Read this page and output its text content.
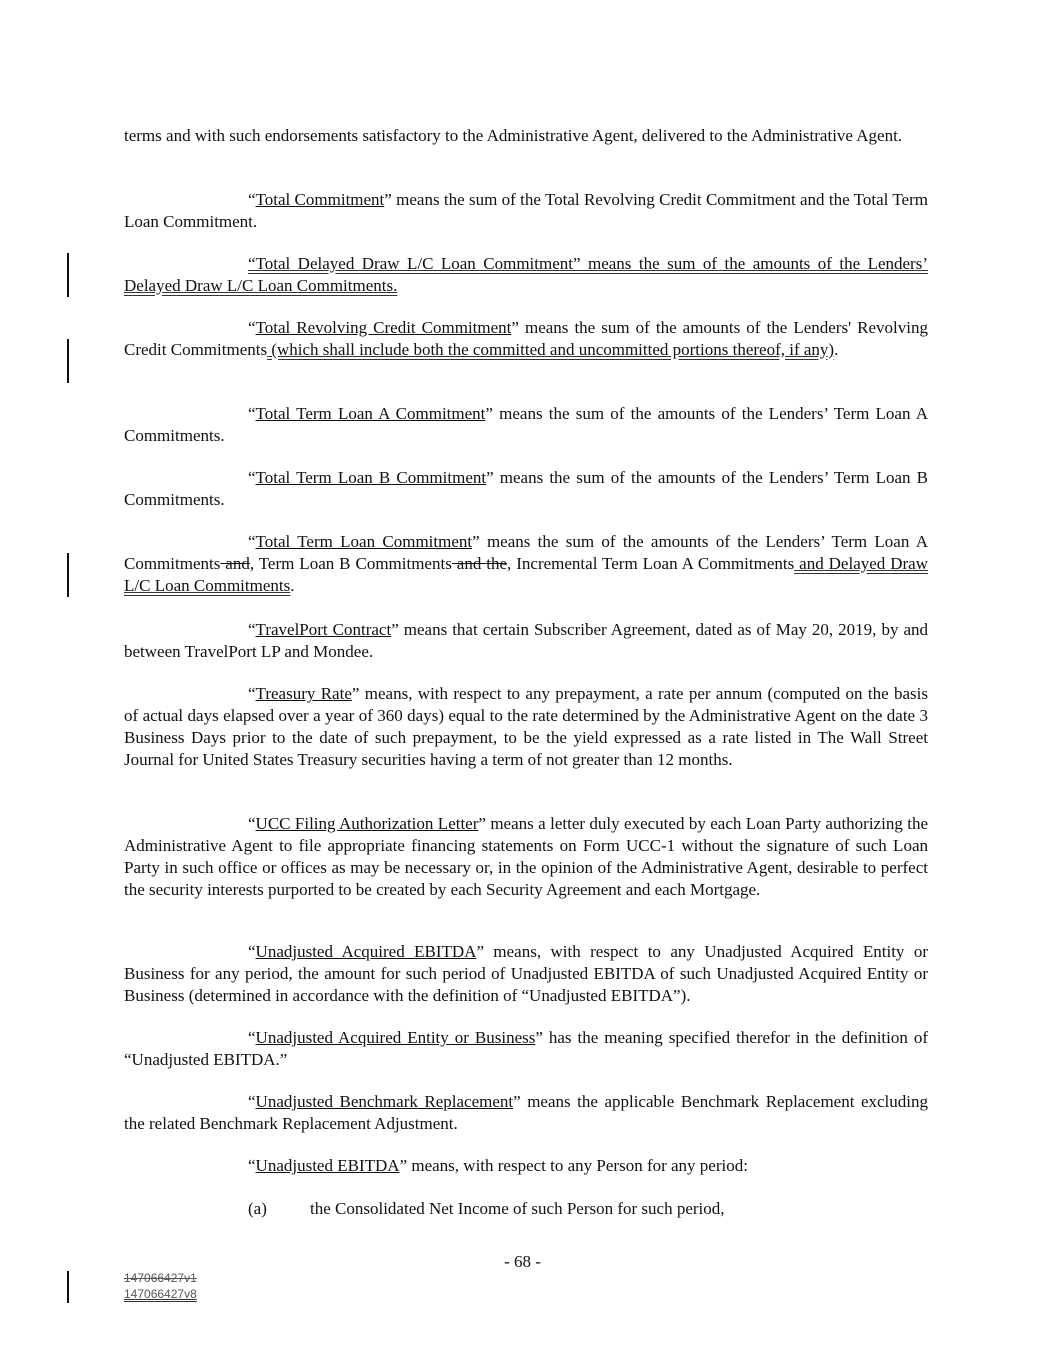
terms and with such endorsements satisfactory to the Administrative Agent, delivered to the Administrative Agent.

“Total Commitment” means the sum of the Total Revolving Credit Commitment and the Total Term Loan Commitment.

“Total Delayed Draw L/C Loan Commitment” means the sum of the amounts of the Lenders’ Delayed Draw L/C Loan Commitments.

“Total Revolving Credit Commitment” means the sum of the amounts of the Lenders' Revolving Credit Commitments (which shall include both the committed and uncommitted portions thereof, if any).

“Total Term Loan A Commitment” means the sum of the amounts of the Lenders’ Term Loan A Commitments.

“Total Term Loan B Commitment” means the sum of the amounts of the Lenders’ Term Loan B Commitments.

“Total Term Loan Commitment” means the sum of the amounts of the Lenders’ Term Loan A Commitments and, Term Loan B Commitments and the, Incremental Term Loan A Commitments and Delayed Draw L/C Loan Commitments.

“TravelPort Contract” means that certain Subscriber Agreement, dated as of May 20, 2019, by and between TravelPort LP and Mondee.

“Treasury Rate” means, with respect to any prepayment, a rate per annum (computed on the basis of actual days elapsed over a year of 360 days) equal to the rate determined by the Administrative Agent on the date 3 Business Days prior to the date of such prepayment, to be the yield expressed as a rate listed in The Wall Street Journal for United States Treasury securities having a term of not greater than 12 months.

“UCC Filing Authorization Letter” means a letter duly executed by each Loan Party authorizing the Administrative Agent to file appropriate financing statements on Form UCC-1 without the signature of such Loan Party in such office or offices as may be necessary or, in the opinion of the Administrative Agent, desirable to perfect the security interests purported to be created by each Security Agreement and each Mortgage.

“Unadjusted Acquired EBITDA” means, with respect to any Unadjusted Acquired Entity or Business for any period, the amount for such period of Unadjusted EBITDA of such Unadjusted Acquired Entity or Business (determined in accordance with the definition of “Unadjusted EBITDA”).

“Unadjusted Acquired Entity or Business” has the meaning specified therefor in the definition of “Unadjusted EBITDA.”

“Unadjusted Benchmark Replacement” means the applicable Benchmark Replacement excluding the related Benchmark Replacement Adjustment.

“Unadjusted EBITDA” means, with respect to any Person for any period:

(a)	the Consolidated Net Income of such Person for such period,
- 68 -
147066427v1
147066427v8
